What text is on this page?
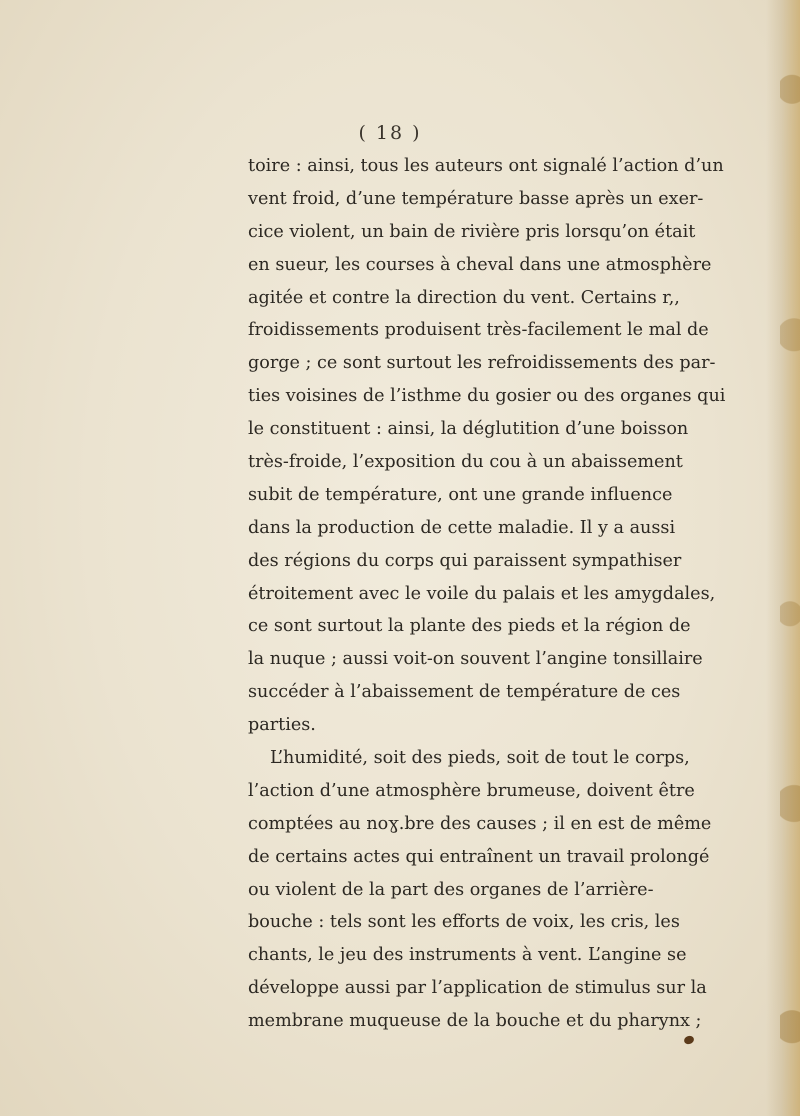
( 18 )
toire : ainsi, tous les auteurs ont signalé l’action d’un
vent froid, d’une température basse après un exer-
cice violent, un bain de rivière pris lorsqu’on était
en sueur, les courses à cheval dans une atmosphère
agitée et contre la direction du vent. Certains r,,
froidissements produisent très-facilement le mal de
gorge ; ce sont surtout les refroidissements des par-
ties voisines de l’isthme du gosier ou des organes qui
le constituent : ainsi, la déglutition d’une boisson
très-froide, l’exposition du cou à un abaissement
subit de température, ont une grande influence
dans la production de cette maladie. Il y a aussi
des régions du corps qui paraissent sympathiser
étroitement avec le voile du palais et les amygdales,
ce sont surtout la plante des pieds et la région de
la nuque ; aussi voit-on souvent l’angine tonsillaire
succéder à l’abaissement de température de ces
parties.
L’humidité, soit des pieds, soit de tout le corps,
l’action d’une atmosphère brumeuse, doivent être
comptées au noɣ.bre des causes ; il en est de même
de certains actes qui entraînent un travail prolongé
ou violent de la part des organes de l’arrière-
bouche : tels sont les efforts de voix, les cris, les
chants, le jeu des instruments à vent. L’angine se
développe aussi par l’application de stimulus sur la
membrane muqueuse de la bouche et du pharynx ;
